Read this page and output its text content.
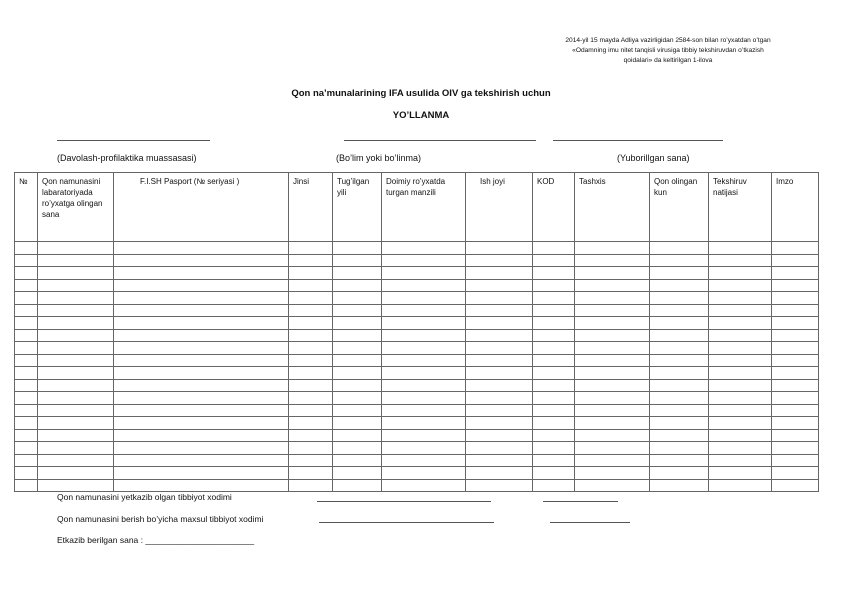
2014-yil 15 mayda Adliya vazirligidan 2584-son bilan ro’yxatdan o’tgan
«Odamning imu nitet tanqisli virusiga tibbiy tekshiruvdan o’tkazish
qoidalari» da keltirilgan 1-ilova
Qon na’munalarining IFA usulida OIV ga tekshirish uchun
YO’LLANMA
(Davolash-profilaktika muassasasi)	(Bo’lim yoki bo’linma)	(Yuborillgan sana)
№	Qon namunasini labaratoriyada ro’yxatga olingan sana	F.I.SH Pasport (№ seriyasi )	Jinsi	Tug’ilgan yili	Doimiy ro’yxatda turgan manzili	Ish joyi	KOD	Tashxis	Qon olingan kun	Tekshiruv natijasi	Imzo

Qon namunasini yetkazib olgan tibbiyot xodimi
Qon namunasini berish bo’yicha maxsul tibbiyot xodimi
Etkazib berilgan sana : _______________________
